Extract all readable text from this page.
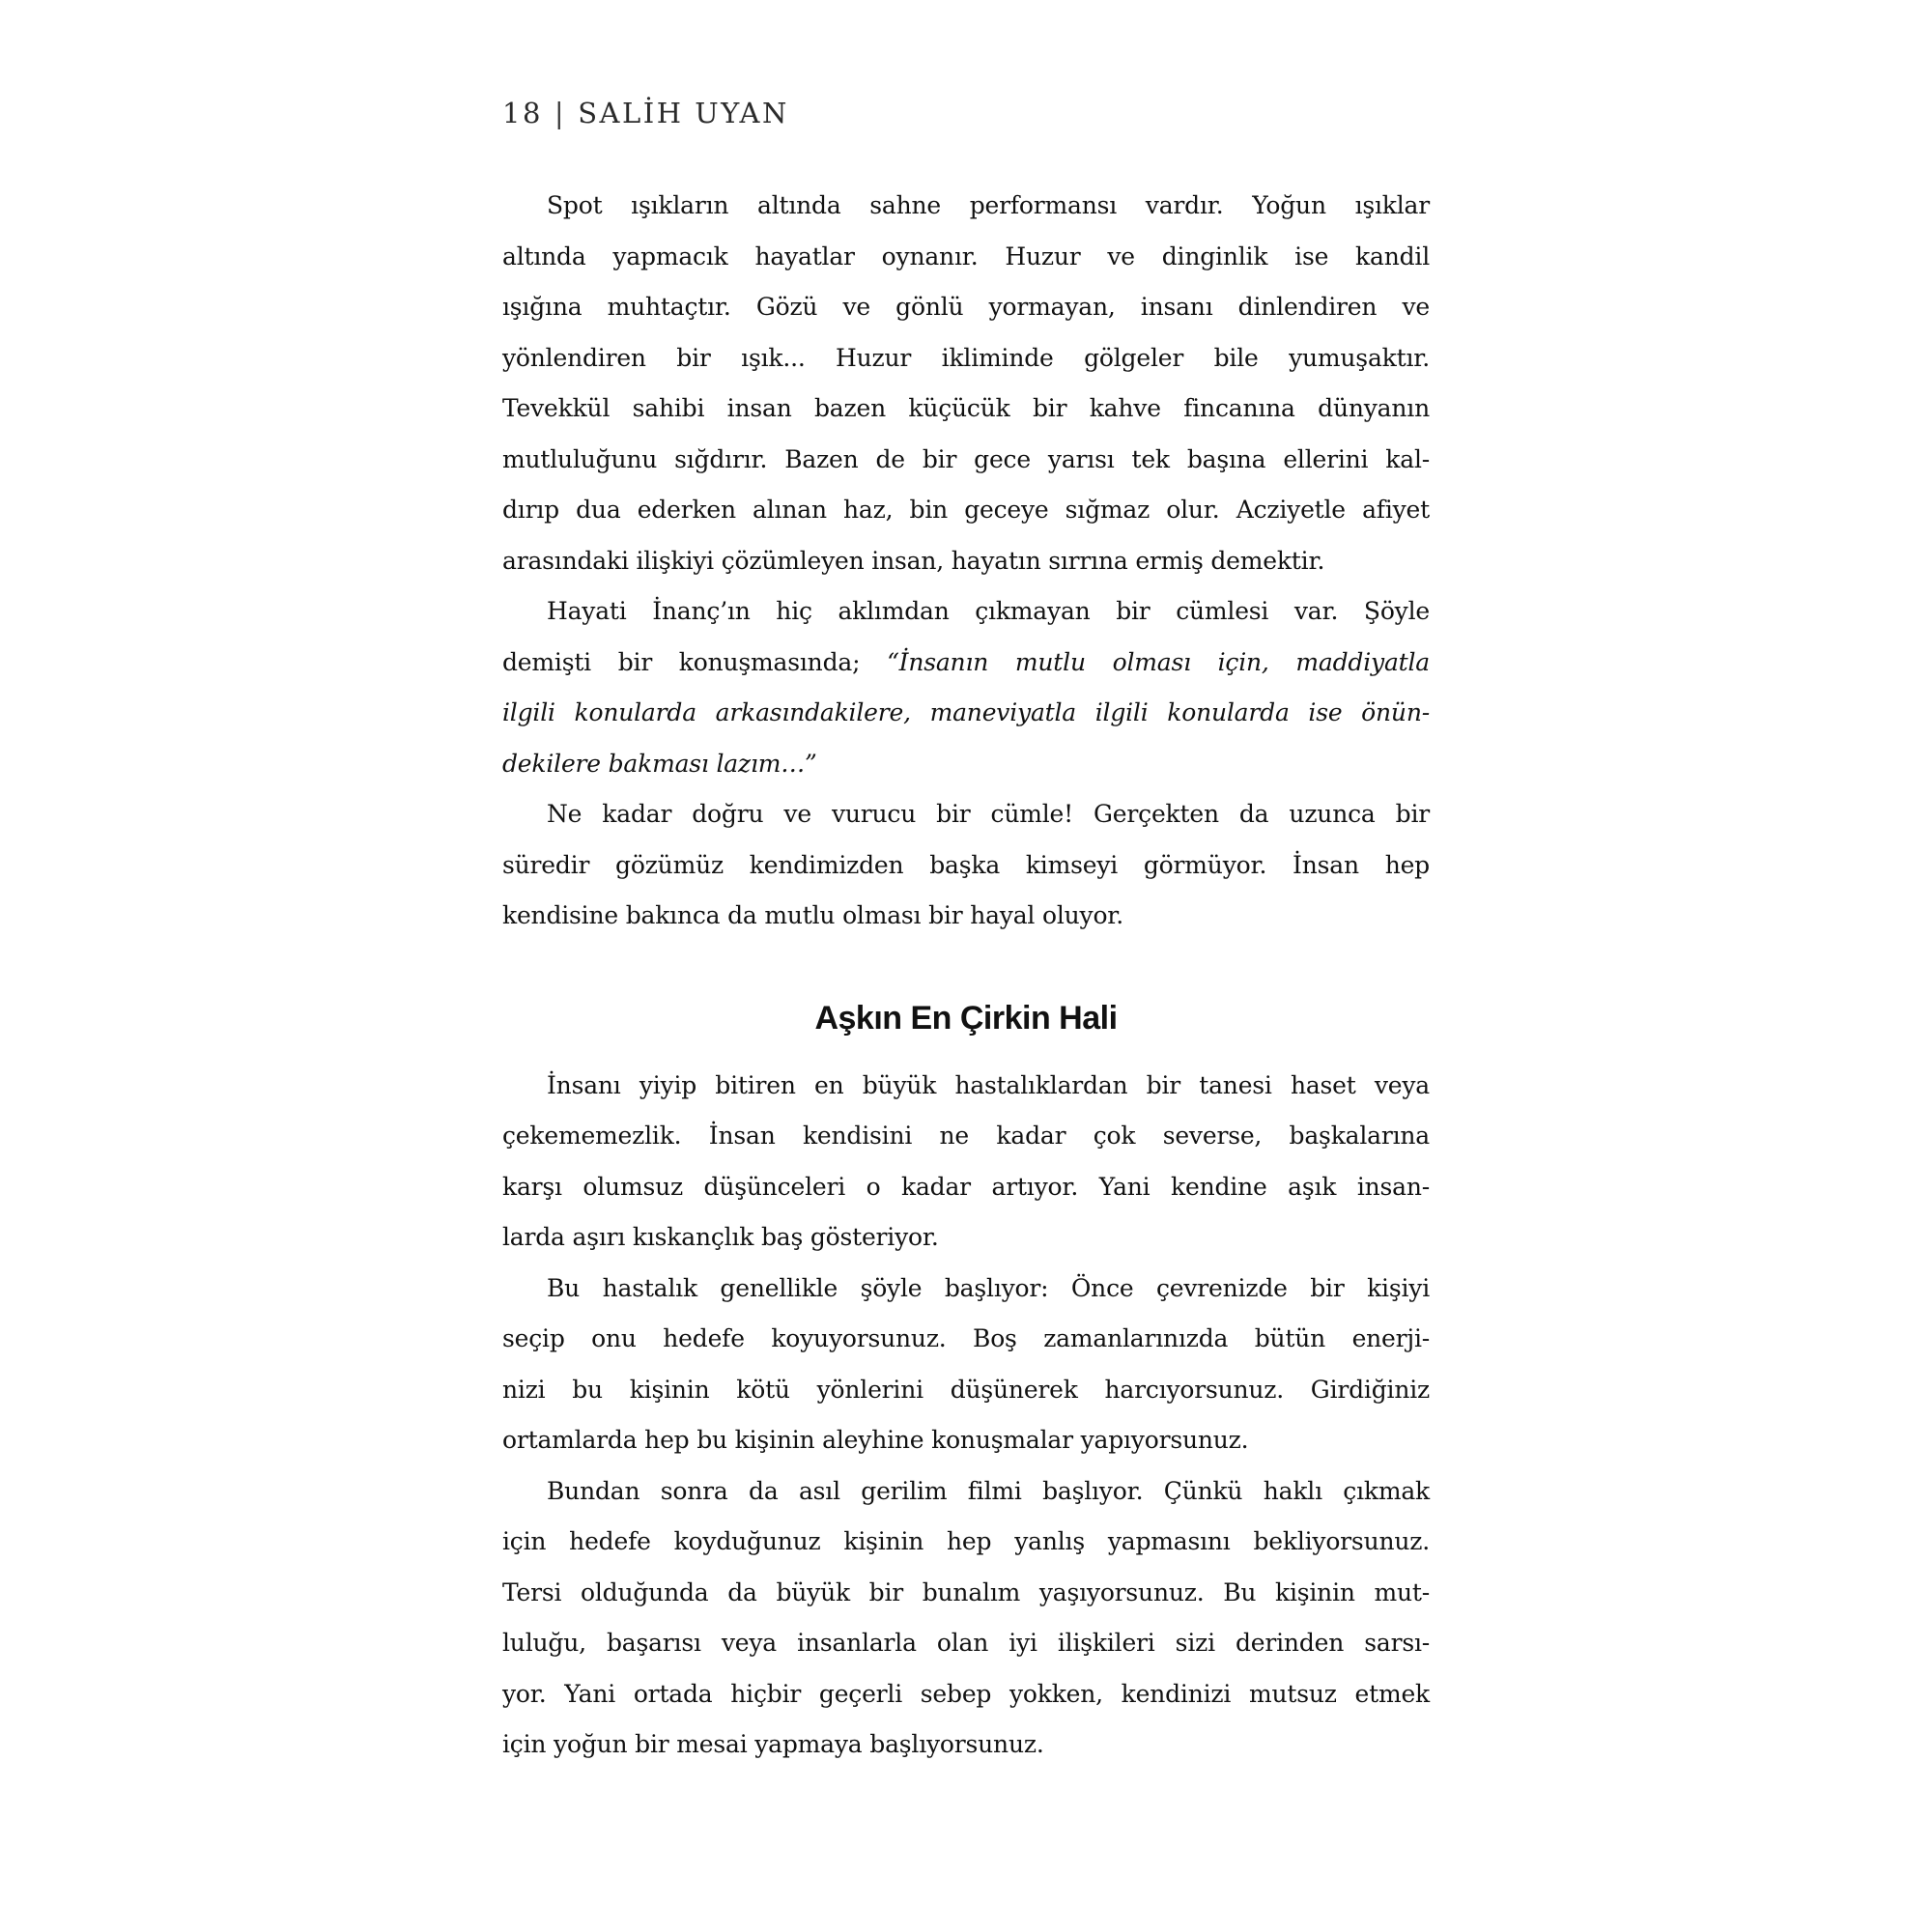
18 | SALİH UYAN
Spot ışıkların altında sahne performansı vardır. Yoğun ışıklar
altında yapmacık hayatlar oynanır. Huzur ve dinginlik ise kandil
ışığına muhtaçtır. Gözü ve gönlü yormayan, insanı dinlendiren ve
yönlendiren bir ışık... Huzur ikliminde gölgeler bile yumuşaktır.
Tevekkül sahibi insan bazen küçücük bir kahve fincanına dünyanın
mutluluğunu sığdırır. Bazen de bir gece yarısı tek başına ellerini kal-
dırıp dua ederken alınan haz, bin geceye sığmaz olur. Acziyetle afiyet
arasındaki ilişkiyi çözümleyen insan, hayatın sırrına ermiş demektir.
Hayati İnanç’ın hiç aklımdan çıkmayan bir cümlesi var. Şöyle
demişti bir konuşmasında; “İnsanın mutlu olması için, maddiyatla
ilgili konularda arkasındakilere, maneviyatla ilgili konularda ise önün-
dekilere bakması lazım…”
Ne kadar doğru ve vurucu bir cümle! Gerçekten da uzunca bir
süredir gözümüz kendimizden başka kimseyi görmüyor. İnsan hep
kendisine bakınca da mutlu olması bir hayal oluyor.
Aşkın En Çirkin Hali
İnsanı yiyip bitiren en büyük hastalıklardan bir tanesi haset veya
çekememezlik. İnsan kendisini ne kadar çok severse, başkalarına
karşı olumsuz düşünceleri o kadar artıyor. Yani kendine aşık insan-
larda aşırı kıskançlık baş gösteriyor.
Bu hastalık genellikle şöyle başlıyor: Önce çevrenizde bir kişiyi
seçip onu hedefe koyuyorsunuz. Boş zamanlarınızda bütün enerji-
nizi bu kişinin kötü yönlerini düşünerek harcıyorsunuz. Girdiğiniz
ortamlarda hep bu kişinin aleyhine konuşmalar yapıyorsunuz.
Bundan sonra da asıl gerilim filmi başlıyor. Çünkü haklı çıkmak
için hedefe koyduğunuz kişinin hep yanlış yapmasını bekliyorsunuz.
Tersi olduğunda da büyük bir bunalım yaşıyorsunuz. Bu kişinin mut-
luluğu, başarısı veya insanlarla olan iyi ilişkileri sizi derinden sarsı-
yor. Yani ortada hiçbir geçerli sebep yokken, kendinizi mutsuz etmek
için yoğun bir mesai yapmaya başlıyorsunuz.
